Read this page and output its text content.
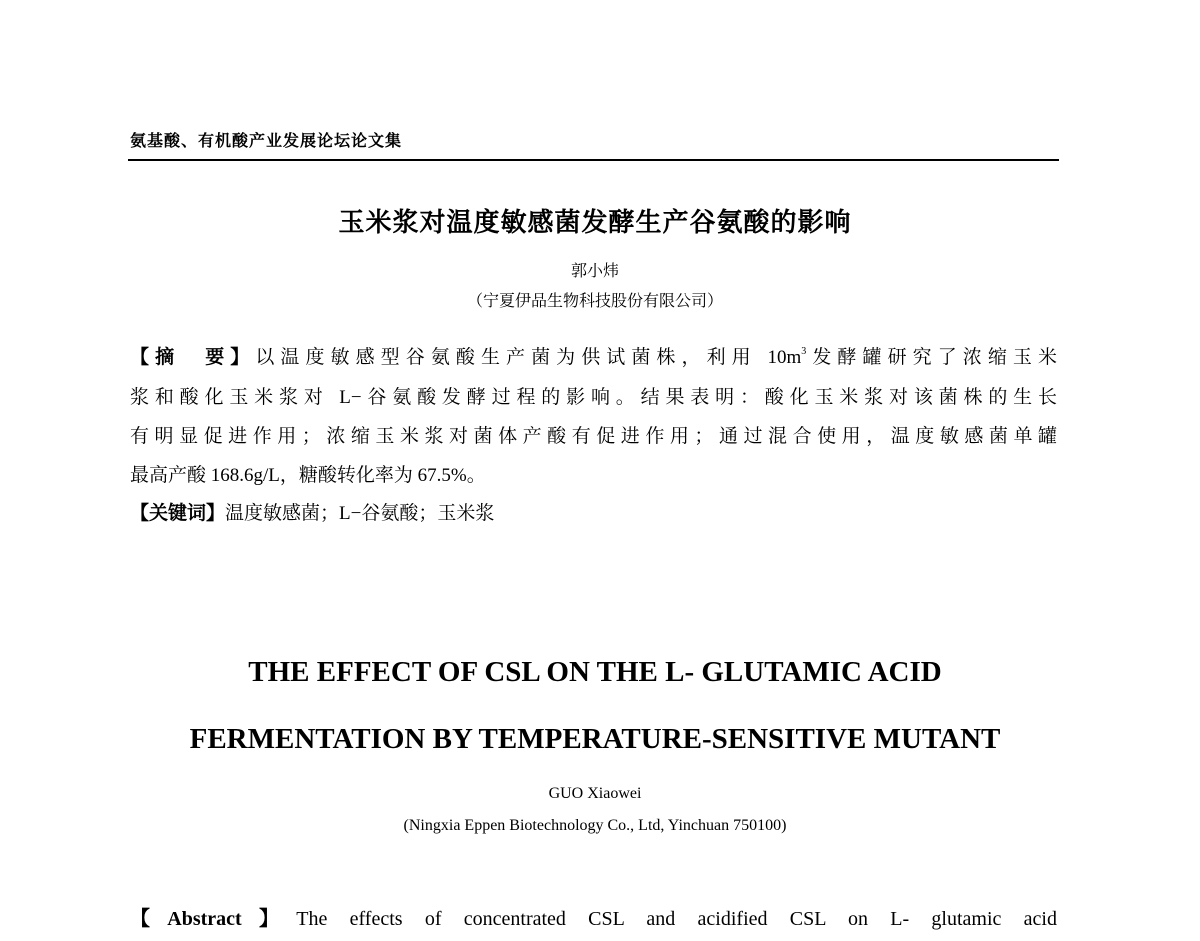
氨基酸、有机酸产业发展论坛论文集
玉米浆对温度敏感菌发酵生产谷氨酸的影响
郭小炜
（宁夏伊品生物科技股份有限公司）
【摘　要】以温度敏感型谷氨酸生产菌为供试菌株，利用 $10m^3$发酵罐研究了浓缩玉米
浆和酸化玉米浆对 L−谷氨酸发酵过程的影响。结果表明：酸化玉米浆对该菌株的生长
有明显促进作用；浓缩玉米浆对菌体产酸有促进作用；通过混合使用，温度敏感菌单罐
最高产酸 168.6g/L，糖酸转化率为 67.5%。
【关键词】温度敏感菌；L−谷氨酸；玉米浆
THE EFFECT OF CSL ON THE L- GLUTAMIC ACID
FERMENTATION BY TEMPERATURE-SENSITIVE MUTANT
GUO Xiaowei
(Ningxia Eppen Biotechnology Co., Ltd, Yinchuan 750100)
【Abstract】The effects of concentrated CSL and acidified CSL on L- glutamic acid
